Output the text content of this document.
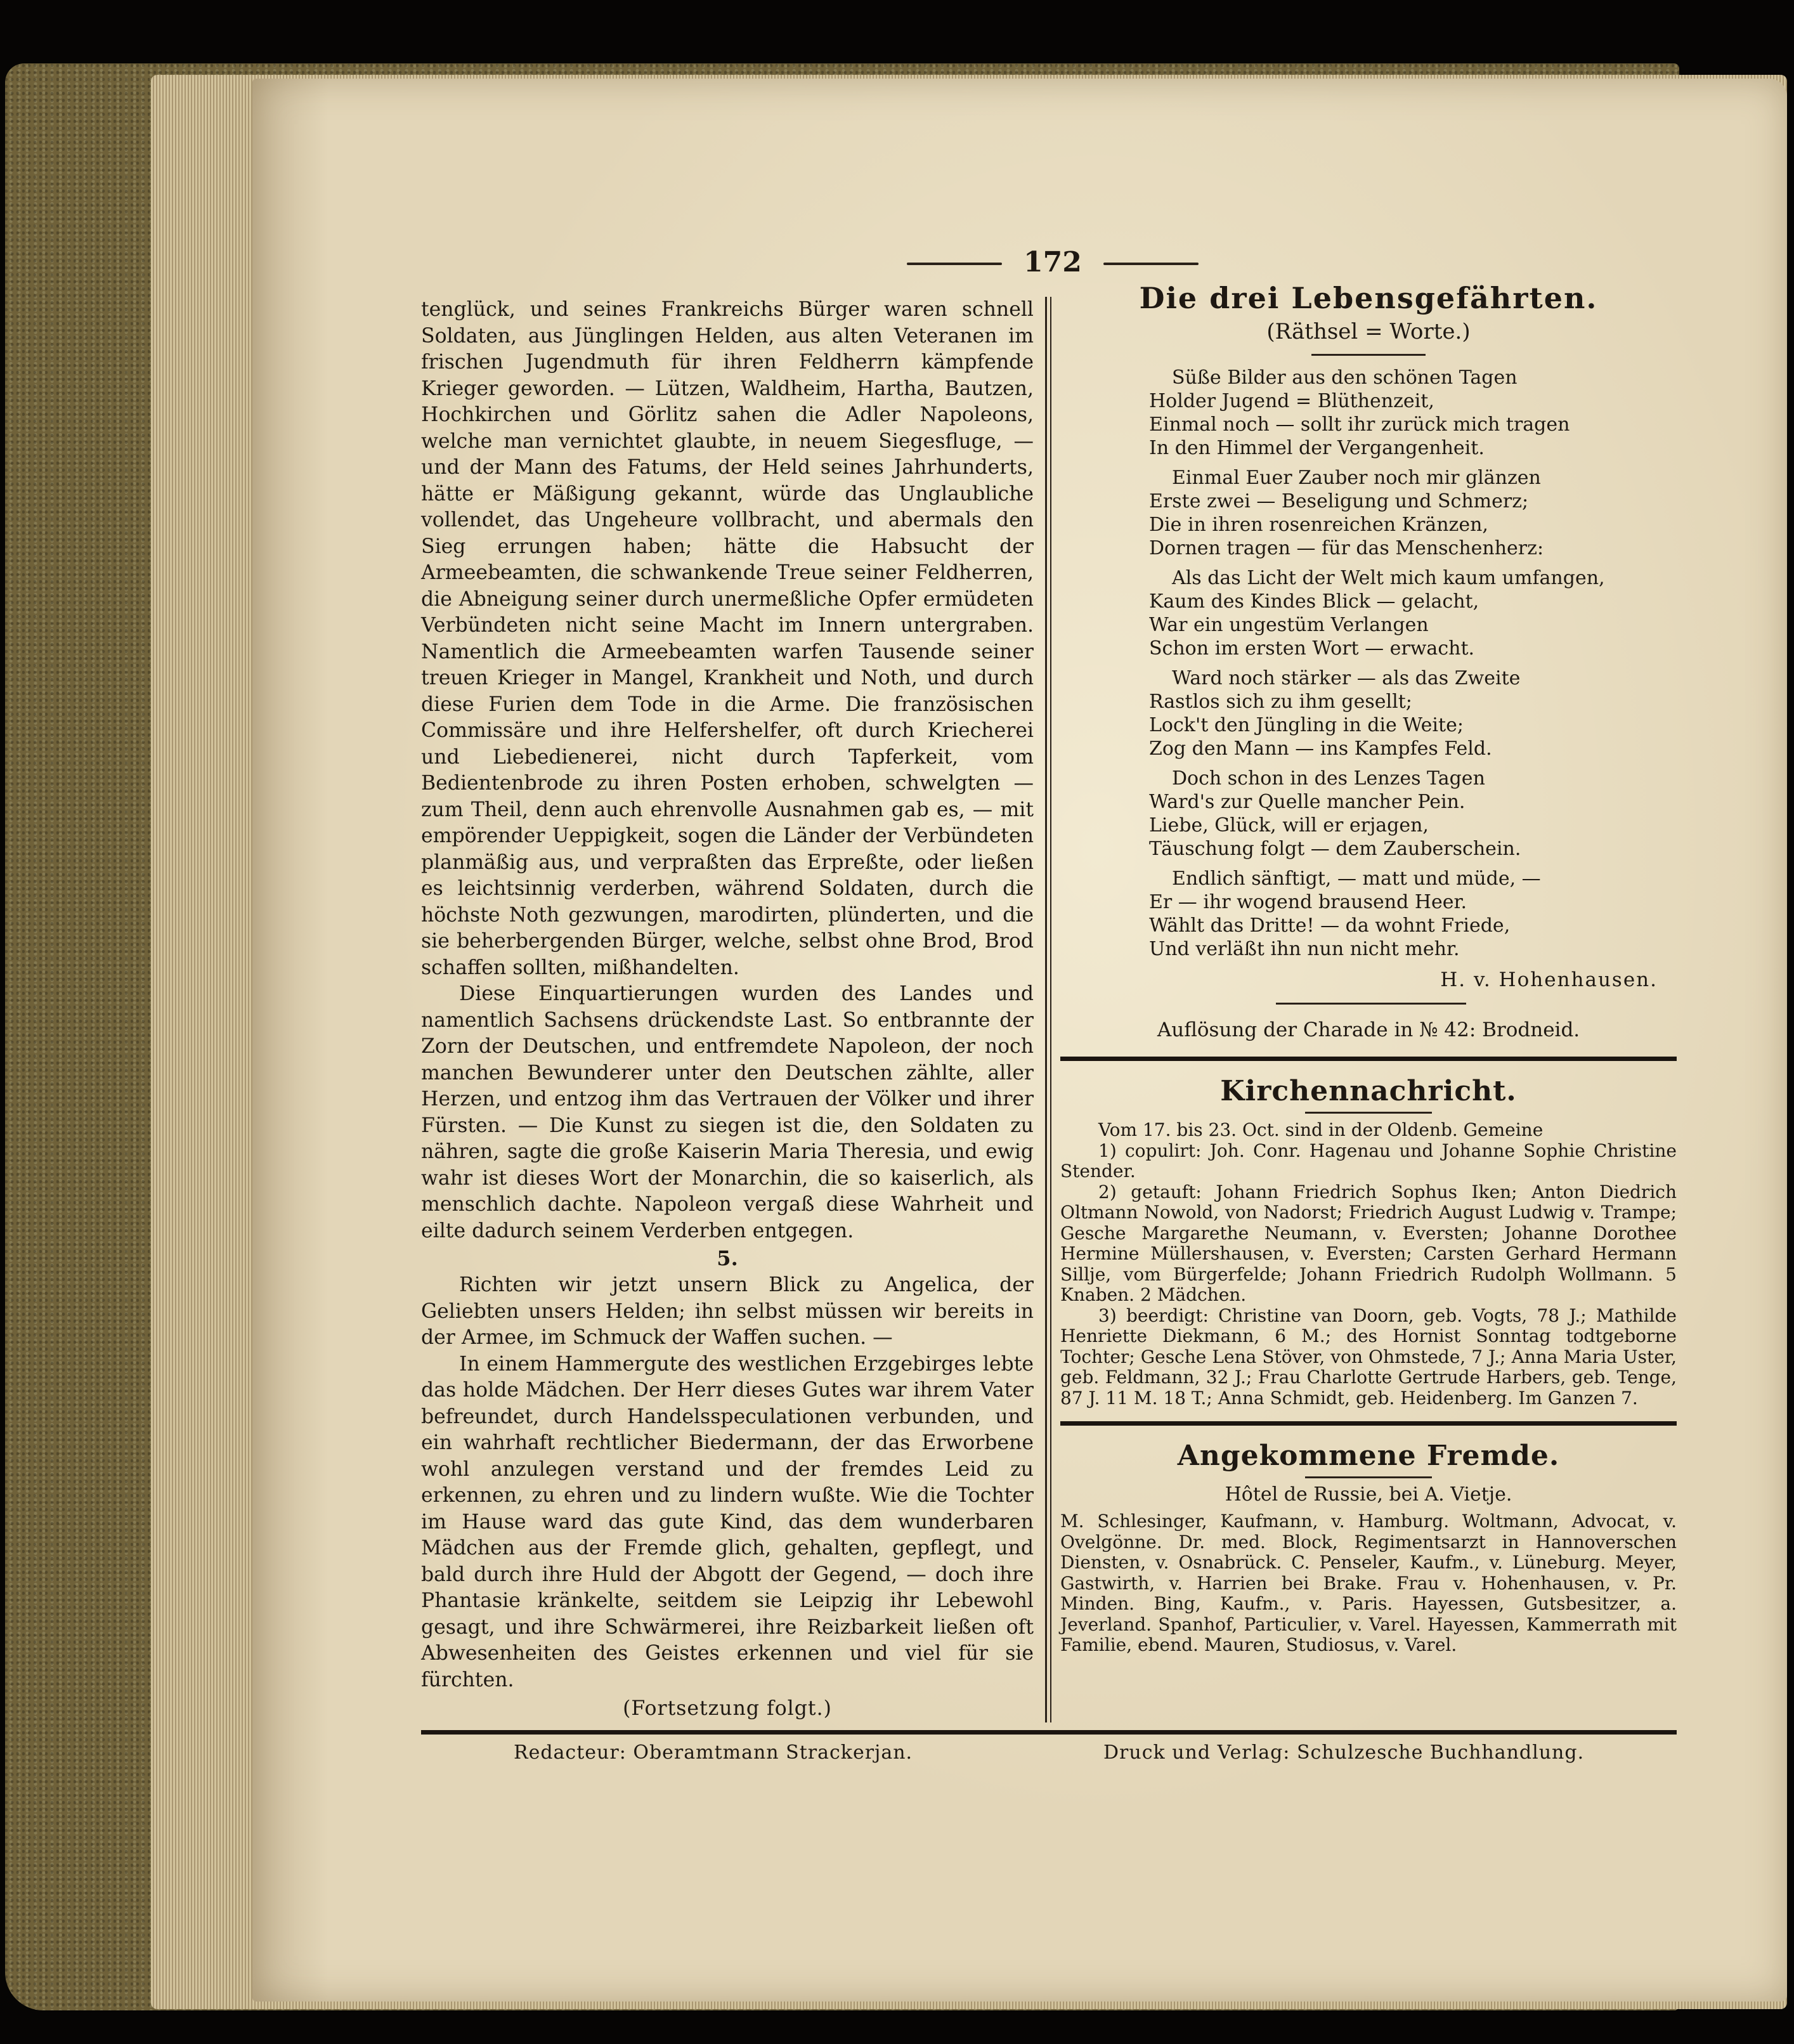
172

tenglück, und seines Frankreichs Bürger waren schnell Soldaten, aus Jünglingen Helden, aus alten Veteranen im frischen Jugendmuth für ihren Feldherrn kämpfende Krieger geworden. — Lützen, Waldheim, Hartha, Bautzen, Hochkirchen und Görlitz sahen die Adler Napoleons, welche man vernichtet glaubte, in neuem Siegesfluge, — und der Mann des Fatums, der Held seines Jahrhunderts, hätte er Mäßigung gekannt, würde das Unglaubliche vollendet, das Ungeheure vollbracht, und abermals den Sieg errungen haben; hätte die Habsucht der Armeebeamten, die schwankende Treue seiner Feldherren, die Abneigung seiner durch unermeßliche Opfer ermüdeten Verbündeten nicht seine Macht im Innern untergraben. Namentlich die Armeebeamten warfen Tausende seiner treuen Krieger in Mangel, Krankheit und Noth, und durch diese Furien dem Tode in die Arme. Die französischen Commissäre und ihre Helfershelfer, oft durch Kriecherei und Liebedienerei, nicht durch Tapferkeit, vom Bedientenbrode zu ihren Posten erhoben, schwelgten — zum Theil, denn auch ehrenvolle Ausnahmen gab es, — mit empörender Ueppigkeit, sogen die Länder der Verbündeten planmäßig aus, und verpraßten das Erpreßte, oder ließen es leichtsinnig verderben, während Soldaten, durch die höchste Noth gezwungen, marodirten, plünderten, und die sie beherbergenden Bürger, welche, selbst ohne Brod, Brod schaffen sollten, mißhandelten.

Diese Einquartierungen wurden des Landes und namentlich Sachsens drückendste Last. So entbrannte der Zorn der Deutschen, und entfremdete Napoleon, der noch manchen Bewunderer unter den Deutschen zählte, aller Herzen, und entzog ihm das Vertrauen der Völker und ihrer Fürsten. — Die Kunst zu siegen ist die, den Soldaten zu nähren, sagte die große Kaiserin Maria Theresia, und ewig wahr ist dieses Wort der Monarchin, die so kaiserlich, als menschlich dachte. Napoleon vergaß diese Wahrheit und eilte dadurch seinem Verderben entgegen.

5.

Richten wir jetzt unsern Blick zu Angelica, der Geliebten unsers Helden; ihn selbst müssen wir bereits in der Armee, im Schmuck der Waffen suchen. —

In einem Hammergute des westlichen Erzgebirges lebte das holde Mädchen. Der Herr dieses Gutes war ihrem Vater befreundet, durch Handelsspeculationen verbunden, und ein wahrhaft rechtlicher Biedermann, der das Erworbene wohl anzulegen verstand und der fremdes Leid zu erkennen, zu ehren und zu lindern wußte. Wie die Tochter im Hause ward das gute Kind, das dem wunderbaren Mädchen aus der Fremde glich, gehalten, gepflegt, und bald durch ihre Huld der Abgott der Gegend, — doch ihre Phantasie kränkelte, seitdem sie Leipzig ihr Lebewohl gesagt, und ihre Schwärmerei, ihre Reizbarkeit ließen oft Abwesenheiten des Geistes erkennen und viel für sie fürchten.

(Fortsetzung folgt.)
Die drei Lebensgefährten.
(Räthsel = Worte.)
Süße Bilder aus den schönen Tagen
Holder Jugend = Blüthenzeit,
Einmal noch — sollt ihr zurück mich tragen
In den Himmel der Vergangenheit.
Einmal Euer Zauber noch mir glänzen
Erste zwei — Beseligung und Schmerz;
Die in ihren rosenreichen Kränzen,
Dornen tragen — für das Menschenherz:
Als das Licht der Welt mich kaum umfangen,
Kaum des Kindes Blick — gelacht,
War ein ungestüm Verlangen
Schon im ersten Wort — erwacht.
Ward noch stärker — als das Zweite
Rastlos sich zu ihm gesellt;
Lock't den Jüngling in die Weite;
Zog den Mann — ins Kampfes Feld.
Doch schon in des Lenzes Tagen
Ward's zur Quelle mancher Pein.
Liebe, Glück, will er erjagen,
Täuschung folgt — dem Zauberschein.
Endlich sänftigt, — matt und müde, —
Er — ihr wogend brausend Heer.
Wählt das Dritte! — da wohnt Friede,
Und verläßt ihn nun nicht mehr.
H. v. Hohenhausen.
Auflösung der Charade in № 42: Brodneid.
Kirchennachricht.

Vom 17. bis 23. Oct. sind in der Oldenb. Gemeine

1) copulirt: Joh. Conr. Hagenau und Johanne Sophie Christine Stender.

2) getauft: Johann Friedrich Sophus Iken; Anton Diedrich Oltmann Nowold, von Nadorst; Friedrich August Ludwig v. Trampe; Gesche Margarethe Neumann, v. Eversten; Johanne Dorothee Hermine Müllershausen, v. Eversten; Carsten Gerhard Hermann Sillje, vom Bürgerfelde; Johann Friedrich Rudolph Wollmann. 5 Knaben. 2 Mädchen.

3) beerdigt: Christine van Doorn, geb. Vogts, 78 J.; Mathilde Henriette Diekmann, 6 M.; des Hornist Sonntag todtgeborne Tochter; Gesche Lena Stöver, von Ohmstede, 7 J.; Anna Maria Uster, geb. Feldmann, 32 J.; Frau Charlotte Gertrude Harbers, geb. Tenge, 87 J. 11 M. 18 T.; Anna Schmidt, geb. Heidenberg. Im Ganzen 7.

Angekommene Fremde.
Hôtel de Russie, bei A. Vietje.

M. Schlesinger, Kaufmann, v. Hamburg. Woltmann, Advocat, v. Ovelgönne. Dr. med. Block, Regimentsarzt in Hannoverschen Diensten, v. Osnabrück. C. Penseler, Kaufm., v. Lüneburg. Meyer, Gastwirth, v. Harrien bei Brake. Frau v. Hohenhausen, v. Pr. Minden. Bing, Kaufm., v. Paris. Hayessen, Gutsbesitzer, a. Jeverland. Spanhof, Particulier, v. Varel. Hayessen, Kammerrath mit Familie, ebend. Mauren, Studiosus, v. Varel.

Redacteur: Oberamtmann Strackerjan.	Druck und Verlag: Schulzesche Buchhandlung.
